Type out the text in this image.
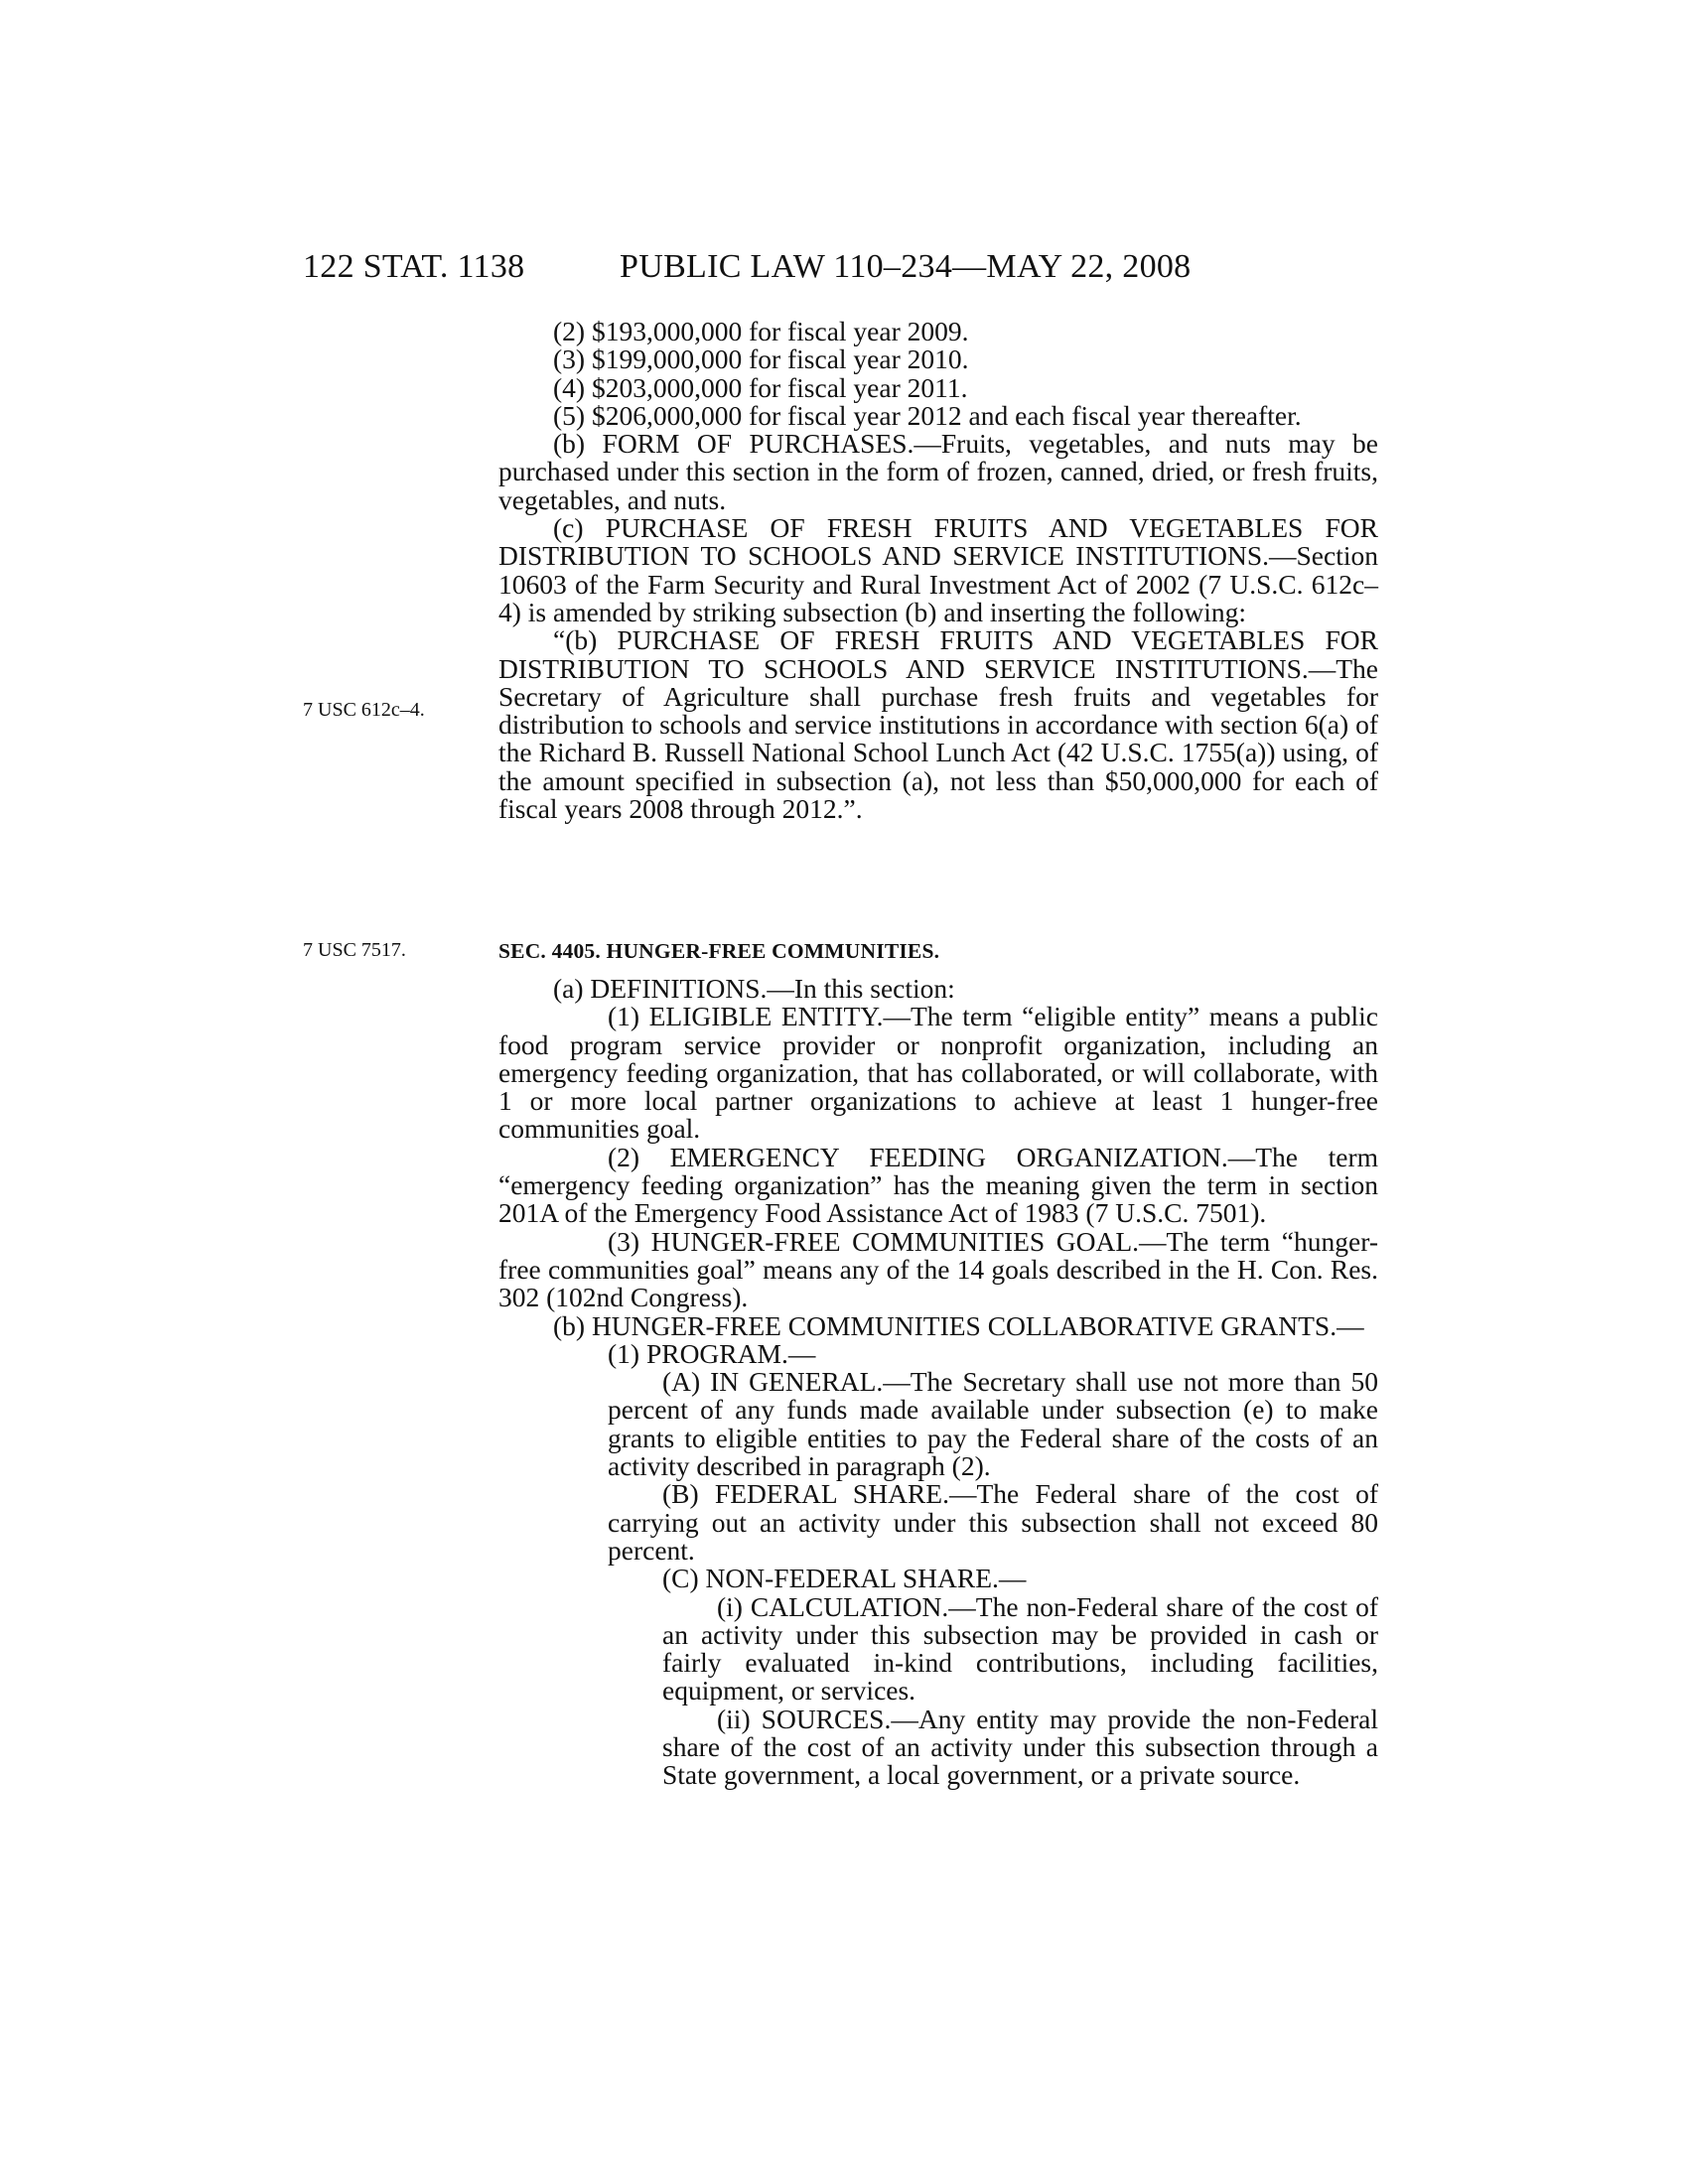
122 STAT. 1138	PUBLIC LAW 110–234—MAY 22, 2008
7 USC 612c–4.
7 USC 7517.

(2) $193,000,000 for fiscal year 2009.

(3) $199,000,000 for fiscal year 2010.

(4) $203,000,000 for fiscal year 2011.

(5) $206,000,000 for fiscal year 2012 and each fiscal year thereafter.

(b) FORM OF PURCHASES.—Fruits, vegetables, and nuts may be purchased under this section in the form of frozen, canned, dried, or fresh fruits, vegetables, and nuts.

(c) PURCHASE OF FRESH FRUITS AND VEGETABLES FOR DISTRIBUTION TO SCHOOLS AND SERVICE INSTITUTIONS.—Section 10603 of the Farm Security and Rural Investment Act of 2002 (7 U.S.C. 612c–4) is amended by striking subsection (b) and inserting the following:

“(b) PURCHASE OF FRESH FRUITS AND VEGETABLES FOR DISTRIBUTION TO SCHOOLS AND SERVICE INSTITUTIONS.—The Secretary of Agriculture shall purchase fresh fruits and vegetables for distribution to schools and service institutions in accordance with section 6(a) of the Richard B. Russell National School Lunch Act (42 U.S.C. 1755(a)) using, of the amount specified in subsection (a), not less than $50,000,000 for each of fiscal years 2008 through 2012.”.

SEC. 4405. HUNGER-FREE COMMUNITIES.

(a) DEFINITIONS.—In this section:

(1) ELIGIBLE ENTITY.—The term “eligible entity” means a public food program service provider or nonprofit organization, including an emergency feeding organization, that has collaborated, or will collaborate, with 1 or more local partner organizations to achieve at least 1 hunger-free communities goal.

(2) EMERGENCY FEEDING ORGANIZATION.—The term “emergency feeding organization” has the meaning given the term in section 201A of the Emergency Food Assistance Act of 1983 (7 U.S.C. 7501).

(3) HUNGER-FREE COMMUNITIES GOAL.—The term “hunger-free communities goal” means any of the 14 goals described in the H. Con. Res. 302 (102nd Congress).

(b) HUNGER-FREE COMMUNITIES COLLABORATIVE GRANTS.—

(1) PROGRAM.—

(A) IN GENERAL.—The Secretary shall use not more than 50 percent of any funds made available under subsection (e) to make grants to eligible entities to pay the Federal share of the costs of an activity described in paragraph (2).

(B) FEDERAL SHARE.—The Federal share of the cost of carrying out an activity under this subsection shall not exceed 80 percent.

(C) NON-FEDERAL SHARE.—

(i) CALCULATION.—The non-Federal share of the cost of an activity under this subsection may be provided in cash or fairly evaluated in-kind contributions, including facilities, equipment, or services.

(ii) SOURCES.—Any entity may provide the non-Federal share of the cost of an activity under this subsection through a State government, a local government, or a private source.
